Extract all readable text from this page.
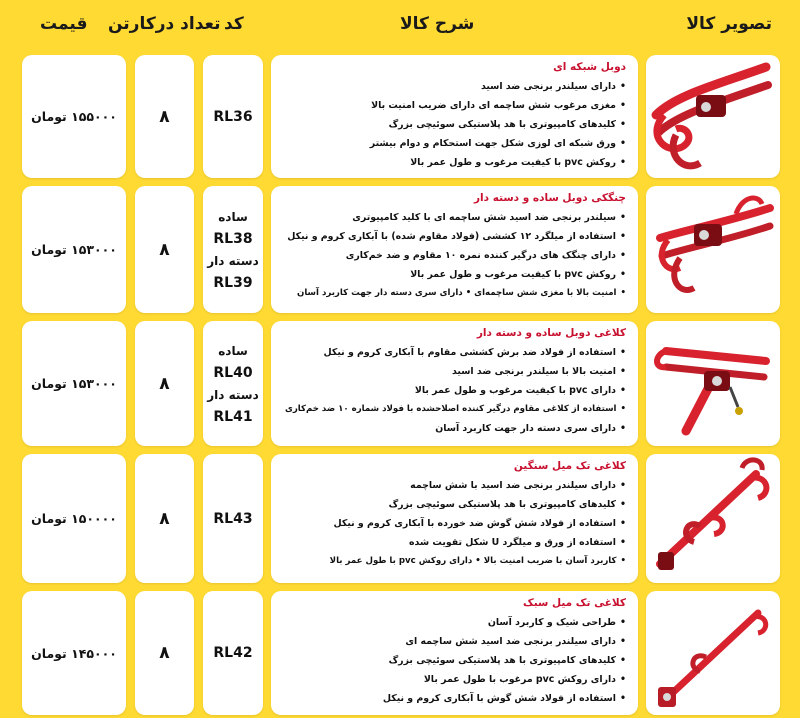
تصویر کالا
شرح کالا
کد
تعداد درکارتن
قیمت
دوبل شبکه ای
• دارای سیلندر برنجی ضد اسید
• مغزی مرغوب شش ساچمه ای دارای ضریب امنیت بالا
• کلیدهای کامپیوتری با هد پلاستیکی سوئیچی بزرگ
• ورق شبکه ای لوزی شکل جهت استحکام و دوام بیشتر
• روکش pvc با کیفیت مرغوب و طول عمر بالا
RL36
۸
۱۵۵۰۰۰ تومان
چنگکی دوبل ساده و دسته دار
• سیلندر برنجی ضد اسید شش ساچمه ای با کلید کامپیوتری
• استفاده از میلگرد ۱۲ کششی (فولاد مقاوم شده) با آبکاری کروم و نیکل
• دارای چنگک های درگیر کننده نمره ۱۰ مقاوم و ضد خم‌کاری
• روکش pvc با کیفیت مرغوب و طول عمر بالا
• امنیت بالا با مغزی شش ساچمه‌ای • دارای سری دسته دار جهت کاربرد آسان
ساده
RL38
دسته دار
RL39
۸
۱۵۳۰۰۰ تومان
کلاغی دوبل ساده و دسته دار
• استفاده از فولاد ضد برش کششی مقاوم با آبکاری کروم و نیکل
• امنیت بالا با سیلندر برنجی ضد اسید
• دارای pvc با کیفیت مرغوب و طول عمر بالا
• استفاده از کلاغی مقاوم درگیر کننده اصلاحشده با فولاد شماره ۱۰ ضد خم‌کاری
• دارای سری دسته دار جهت کاربرد آسان
ساده
RL40
دسته دار
RL41
۸
۱۵۳۰۰۰ تومان
کلاغی تک میل سنگین
• دارای سیلندر برنجی ضد اسید با شش ساچمه
• کلیدهای کامپیوتری با هد پلاستیکی سوئیچی بزرگ
• استفاده از فولاد شش گوش ضد خورده با آبکاری کروم و نیکل
• استفاده از ورق و میلگرد U شکل تقویت شده
• کاربرد آسان با ضریب امنیت بالا • دارای روکش pvc با طول عمر بالا
RL43
۸
۱۵۰۰۰۰ تومان
کلاغی تک میل سبک
• طراحی شیک و کاربرد آسان
• دارای سیلندر برنجی ضد اسید شش ساچمه ای
• کلیدهای کامپیوتری با هد پلاستیکی سوئیچی بزرگ
• دارای روکش pvc مرغوب با طول عمر بالا
• استفاده از فولاد شش گوش با آبکاری کروم و نیکل
RL42
۸
۱۴۵۰۰۰ تومان
